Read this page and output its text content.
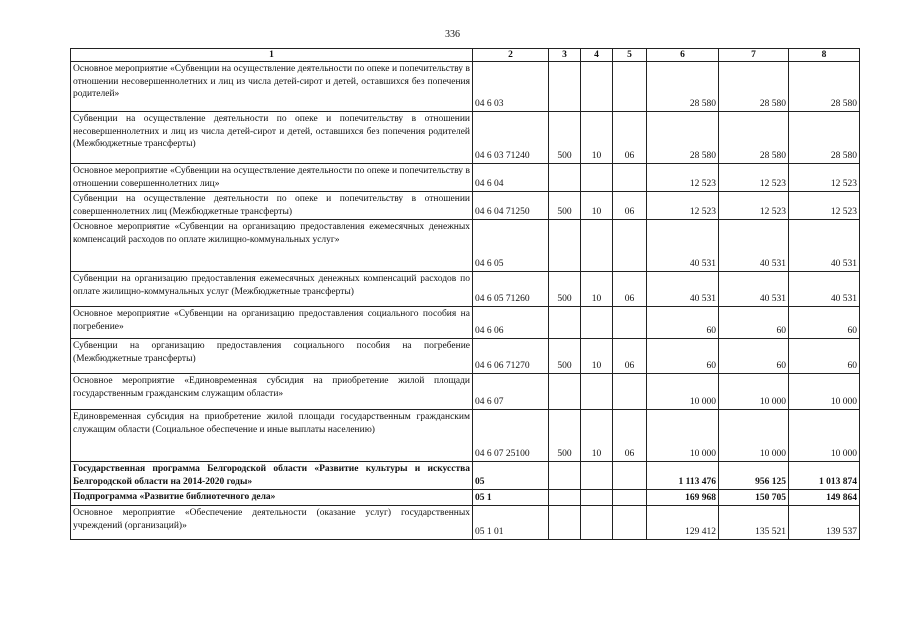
336
1	2	3	4	5	6	7	8
Основное мероприятие «Субвенции на осуществление деятельности по опеке и попечительству в отношении несовершеннолетних и лиц из числа детей-сирот и детей, оставшихся без попечения родителей»	04 6 03				28 580	28 580	28 580
Субвенции на осуществление деятельности по опеке и попечительству в отношении несовершеннолетних и лиц из числа детей-сирот и детей, оставшихся без попечения родителей (Межбюджетные трансферты)	04 6 03 71240	500	10	06	28 580	28 580	28 580
Основное мероприятие «Субвенции на осуществление деятельности по опеке и попечительству в отношении совершеннолетних лиц»	04 6 04				12 523	12 523	12 523
Субвенции на осуществление деятельности по опеке и попечительству в отношении совершеннолетних лиц (Межбюджетные трансферты)	04 6 04 71250	500	10	06	12 523	12 523	12 523
Основное мероприятие «Субвенции на организацию предоставления ежемесячных денежных компенсаций расходов по оплате жилищно-коммунальных услуг»	04 6 05				40 531	40 531	40 531
Субвенции на организацию предоставления ежемесячных денежных компенсаций расходов по оплате жилищно-коммунальных услуг (Межбюджетные трансферты)	04 6 05 71260	500	10	06	40 531	40 531	40 531
Основное мероприятие «Субвенции на организацию предоставления социального пособия на погребение»	04 6 06				60	60	60
Субвенции на организацию предоставления социального пособия на погребение (Межбюджетные трансферты)	04 6 06 71270	500	10	06	60	60	60
Основное мероприятие «Единовременная субсидия на приобретение жилой площади государственным гражданским служащим области»	04 6 07				10 000	10 000	10 000
Единовременная субсидия на приобретение жилой площади государственным гражданским служащим области (Социальное обеспечение и иные выплаты населению)	04 6 07 25100	500	10	06	10 000	10 000	10 000
Государственная программа Белгородской области «Развитие культуры и искусства Белгородской области на 2014-2020 годы»	05				1 113 476	956 125	1 013 874
Подпрограмма «Развитие библиотечного дела»	05 1				169 968	150 705	149 864
Основное мероприятие «Обеспечение деятельности (оказание услуг) государственных учреждений (организаций)»	05 1 01				129 412	135 521	139 537
